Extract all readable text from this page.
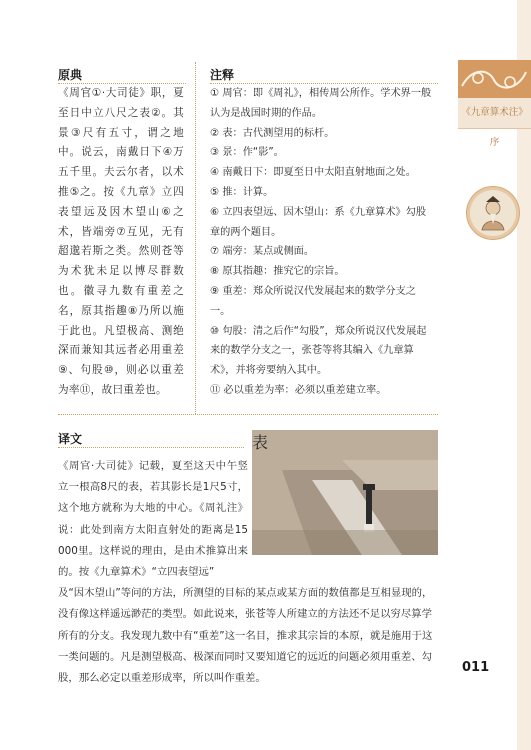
《九章算术注》序
原典	注释
《周官①·大司徒》职，夏至日中立八尺之表②。其景③尺有五寸，谓之地中。说云，南戴日下④万五千里。夫云尔者，以术推⑤之。按《九章》立四表望远及因木望山⑥之术，皆端旁⑦互见，无有超邈若斯之类。然则苍等为术犹未足以博尽群数也。徽寻九数有重差之名，原其指趣⑧乃所以施于此也。凡望极高、测绝深而兼知其远者必用重差⑨、句股⑩，则必以重差为率⑪，故曰重差也。

① 周官：即《周礼》，相传周公所作。学术界一般认为是战国时期的作品。

② 表：古代测望用的标杆。

③ 景：作“影”。

④ 南戴日下：即夏至日中太阳直射地面之处。

⑤ 推：计算。

⑥ 立四表望远、因木望山：系《九章算术》勾股章的两个题目。

⑦ 端旁：某点或侧面。

⑧ 原其指趣：推究它的宗旨。

⑨ 重差：郑众所说汉代发展起来的数学分支之一。

⑩ 句股：清之后作“勾股”，郑众所说汉代发展起来的数学分支之一，张苍等将其编入《九章算术》，并将旁要纳入其中。

⑪ 必以重差为率：必须以重差建立率。

译文
《周官·大司徒》记载，夏至这天中午竖立一根高8尺的表，若其影长是1尺5寸，这个地方就称为大地的中心。《周礼注》说：此处到南方太阳直射处的距离是15 000里。这样说的理由，是由术推算出来的。按《九章算术》“立四表望远”
及“因木望山”等问的方法，所测望的目标的某点或某方面的数值都是互相显现的，没有像这样遥远渺茫的类型。如此说来，张苍等人所建立的方法还不足以穷尽算学所有的分支。我发现九数中有“重差”这一名目，推求其宗旨的本原，就是施用于这一类问题的。凡是测望极高、极深而同时又要知道它的远近的问题必须用重差、勾股，那么必定以重差形成率，所以叫作重差。
表
011
